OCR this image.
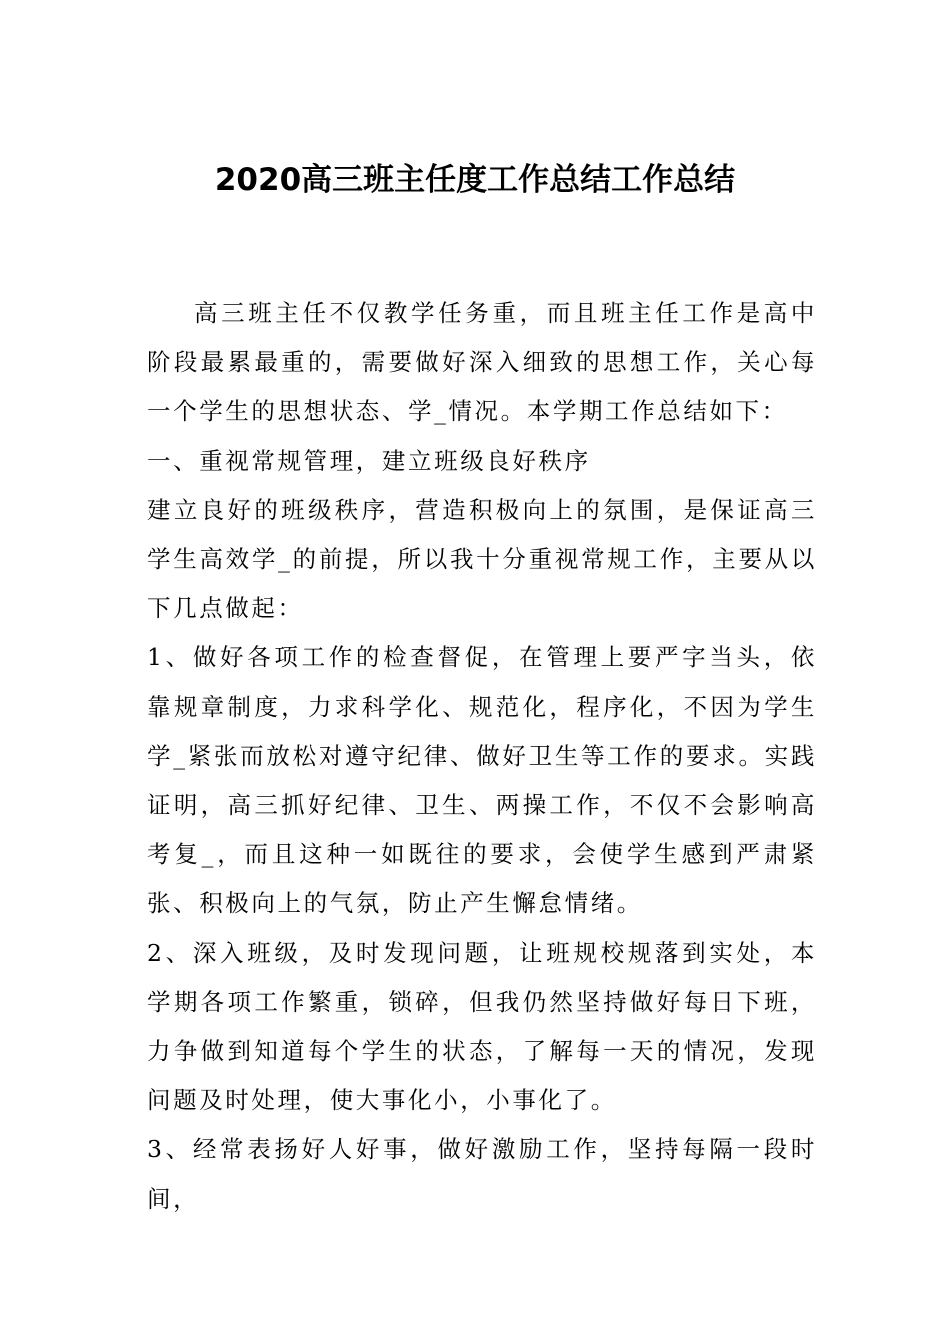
2020高三班主任度工作总结工作总结

高三班主任不仅教学任务重，而且班主任工作是高中阶段最累最重的，需要做好深入细致的思想工作，关心每一个学生的思想状态、学_情况。本学期工作总结如下：

一、重视常规管理，建立班级良好秩序

建立良好的班级秩序，营造积极向上的氛围，是保证高三学生高效学_的前提，所以我十分重视常规工作，主要从以下几点做起：

1、做好各项工作的检查督促，在管理上要严字当头，依靠规章制度，力求科学化、规范化，程序化，不因为学生学_紧张而放松对遵守纪律、做好卫生等工作的要求。实践证明，高三抓好纪律、卫生、两操工作，不仅不会影响高考复_，而且这种一如既往的要求，会使学生感到严肃紧张、积极向上的气氛，防止产生懈怠情绪。

2、深入班级，及时发现问题，让班规校规落到实处，本学期各项工作繁重，锁碎，但我仍然坚持做好每日下班，力争做到知道每个学生的状态，了解每一天的情况，发现问题及时处理，使大事化小，小事化了。

3、经常表扬好人好事，做好激励工作，坚持每隔一段时间，
